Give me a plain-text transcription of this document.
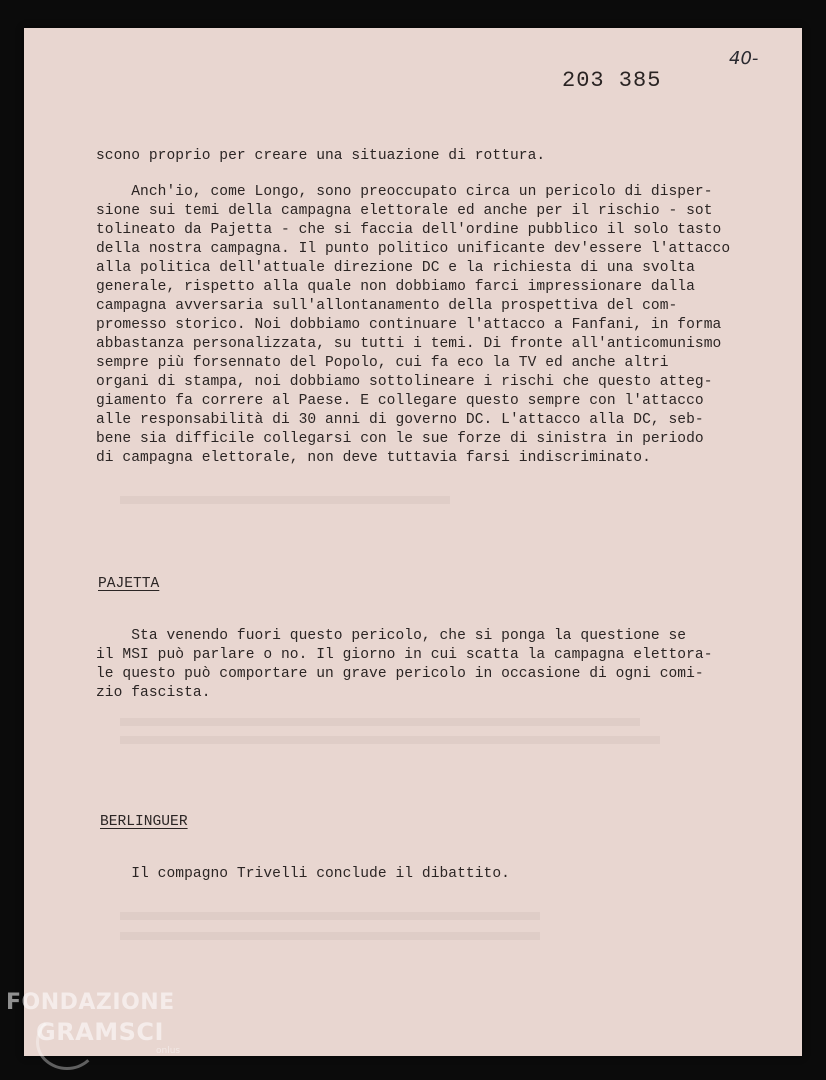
203 385
40-
scono proprio per creare una situazione di rottura.
Anch'io, come Longo, sono preoccupato circa un pericolo di disper-
sione sui temi della campagna elettorale ed anche per il rischio - sot
tolineato da Pajetta - che si faccia dell'ordine pubblico il solo tasto
della nostra campagna. Il punto politico unificante dev'essere l'attacco
alla politica dell'attuale direzione DC e la richiesta di una svolta
generale, rispetto alla quale non dobbiamo farci impressionare dalla
campagna avversaria sull'allontanamento della prospettiva del com-
promesso storico. Noi dobbiamo continuare l'attacco a Fanfani, in forma
abbastanza personalizzata, su tutti i temi. Di fronte all'anticomunismo
sempre più forsennato del Popolo, cui fa eco la TV ed anche altri
organi di stampa, noi dobbiamo sottolineare i rischi che questo atteg-
giamento fa correre al Paese. E collegare questo sempre con l'attacco
alle responsabilità di 30 anni di governo DC. L'attacco alla DC, seb-
bene sia difficile collegarsi con le sue forze di sinistra in periodo
di campagna elettorale, non deve tuttavia farsi indiscriminato.
PAJETTA
Sta venendo fuori questo pericolo, che si ponga la questione se
il MSI può parlare o no. Il giorno in cui scatta la campagna elettora-
le questo può comportare un grave pericolo in occasione di ogni comi-
zio fascista.
BERLINGUER
Il compagno Trivelli conclude il dibattito.
FONDAZIONE
GRAMSCI
onlus
